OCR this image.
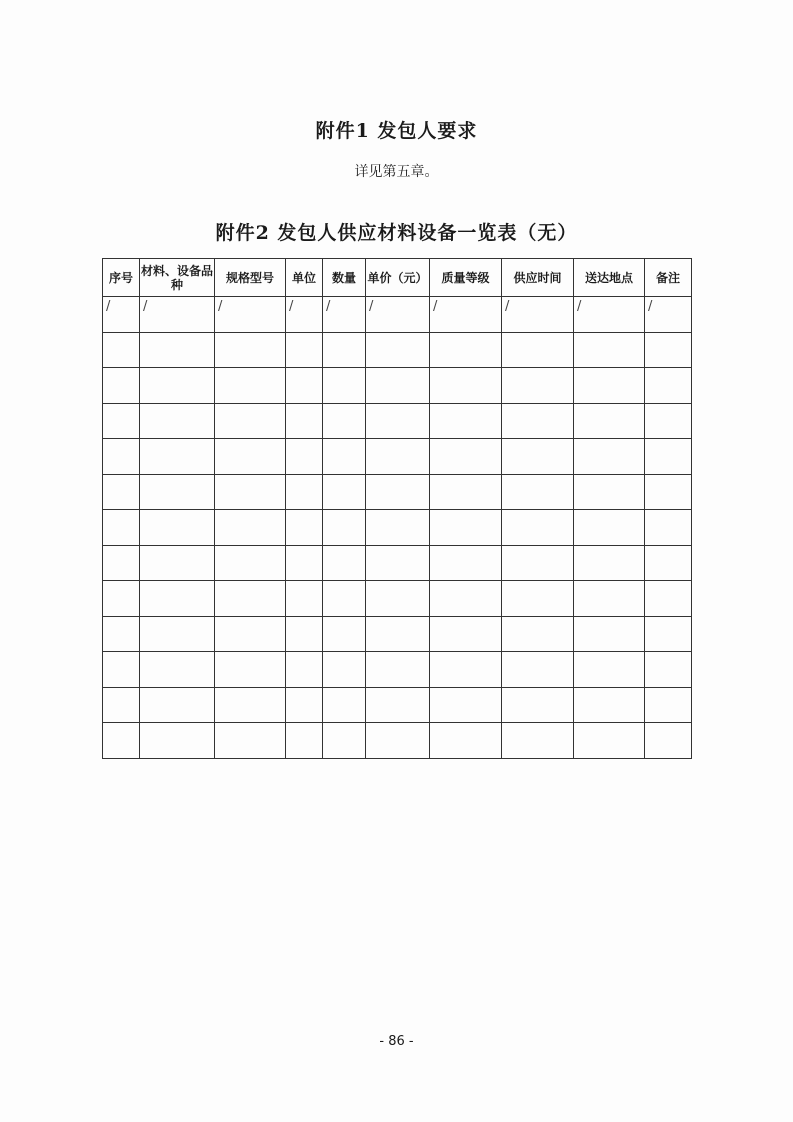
附件1 发包人要求
详见第五章。
附件2 发包人供应材料设备一览表（无）
序号	材料、设备品种	规格型号	单位	数量	单价（元）	质量等级	供应时间	送达地点	备注
/	/	/	/	/	/	/	/	/	/

- 86 -
